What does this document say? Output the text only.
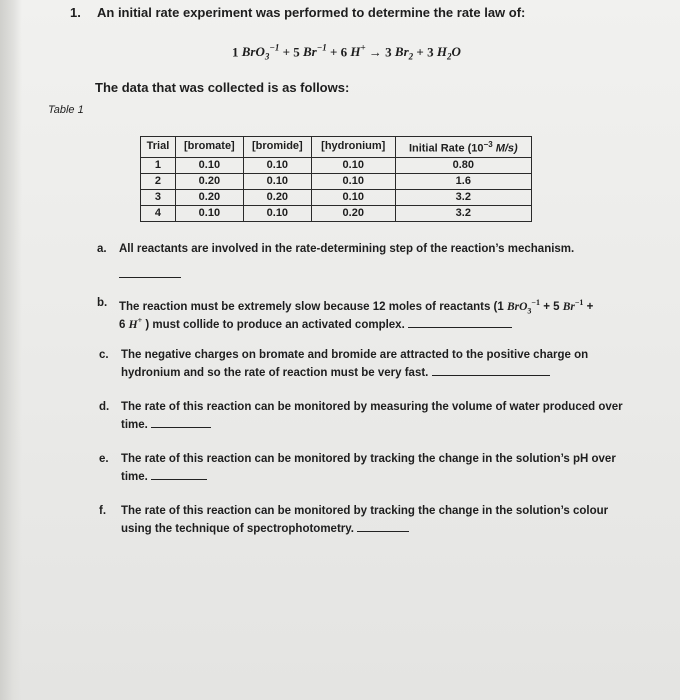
1. An initial rate experiment was performed to determine the rate law of:
1 BrO$_3^{-1}$ + 5 $Br^{-1} + 6$ H+ → 3 $Br_2 + 3$ $H_2O$
The data that was collected is as follows:
Table 1
Trial	[bromate]	[bromide]	[hydronium]	Initial Rate ($10^{-3}$ M/s)
1	0.10	0.10	0.10	0.80
2	0.20	0.10	0.10	1.6
3	0.20	0.20	0.10	3.2
4	0.10	0.10	0.20	3.2
a. All reactants are involved in the rate-determining step of the reaction’s mechanism.
b. The reaction must be extremely slow because 12 moles of reactants (1 BrO$_3^{-1}$ + 5 $Br^{-1}$ +
6 H+ ) must collide to produce an activated complex.
c. The negative charges on bromate and bromide are attracted to the positive charge on
hydronium and so the rate of reaction must be very fast.
d. The rate of this reaction can be monitored by measuring the volume of water produced over
time.
e. The rate of this reaction can be monitored by tracking the change in the solution’s pH over
time.
f. The rate of this reaction can be monitored by tracking the change in the solution’s colour
using the technique of spectrophotometry.
